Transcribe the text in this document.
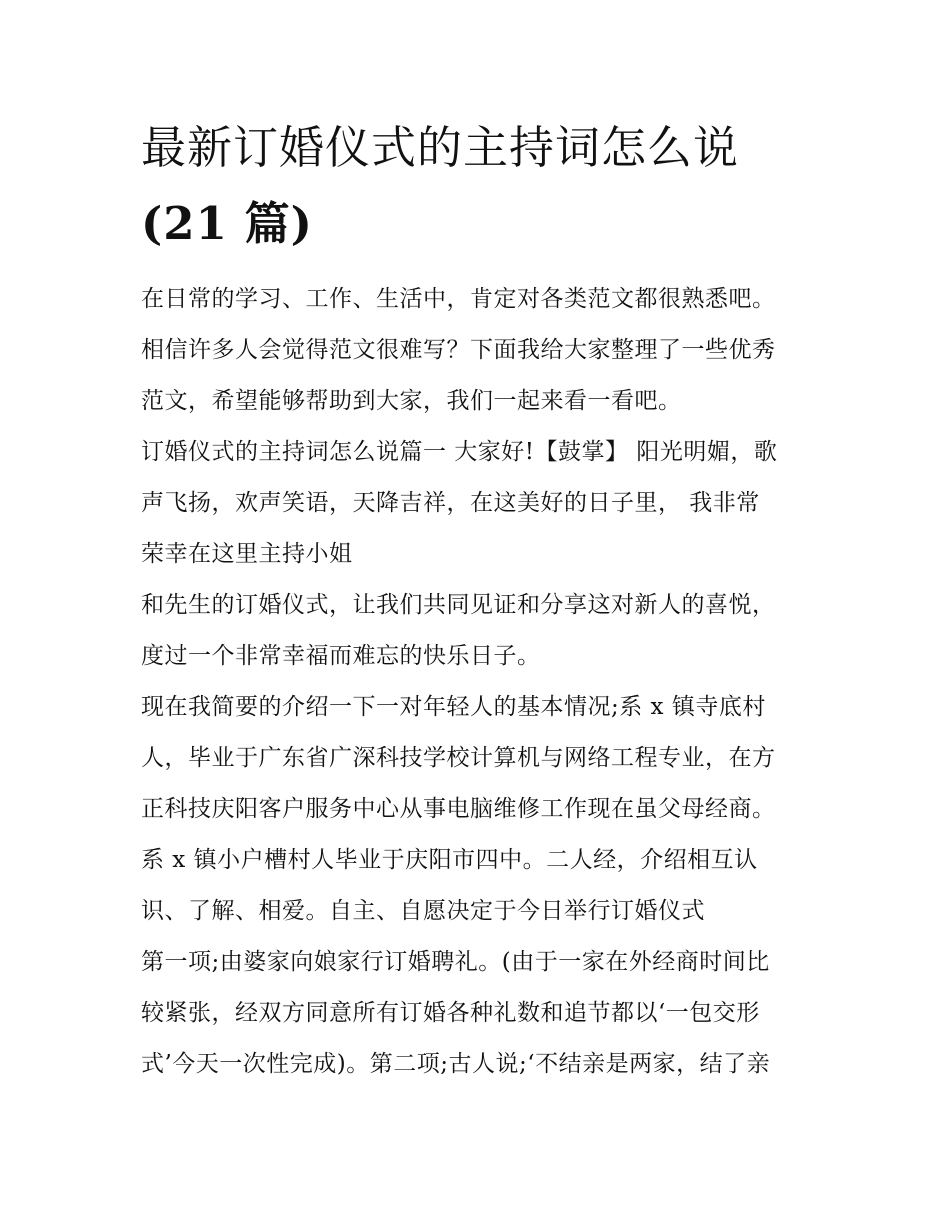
最新订婚仪式的主持词怎么说
(21 篇)

在日常的学习、工作、生活中，肯定对各类范文都很熟悉吧。
相信许多人会觉得范文很难写？下面我给大家整理了一些优秀
范文，希望能够帮助到大家，我们一起来看一看吧。

订婚仪式的主持词怎么说篇一 大家好!【鼓掌】 阳光明媚，歌
声飞扬，欢声笑语，天降吉祥，在这美好的日子里， 我非常
荣幸在这里主持小姐

和先生的订婚仪式，让我们共同见证和分享这对新人的喜悦，
度过一个非常幸福而难忘的快乐日子。

现在我简要的介绍一下一对年轻人的基本情况;系 x 镇寺底村
人，毕业于广东省广深科技学校计算机与网络工程专业，在方
正科技庆阳客户服务中心从事电脑维修工作现在虽父母经商。
系 x 镇小户槽村人毕业于庆阳市四中。二人经，介绍相互认
识、了解、相爱。自主、自愿决定于今日举行订婚仪式

第一项;由婆家向娘家行订婚聘礼。(由于一家在外经商时间比
较紧张，经双方同意所有订婚各种礼数和追节都以‘一包交形
式’今天一次性完成)。第二项;古人说;‘不结亲是两家，结了亲
